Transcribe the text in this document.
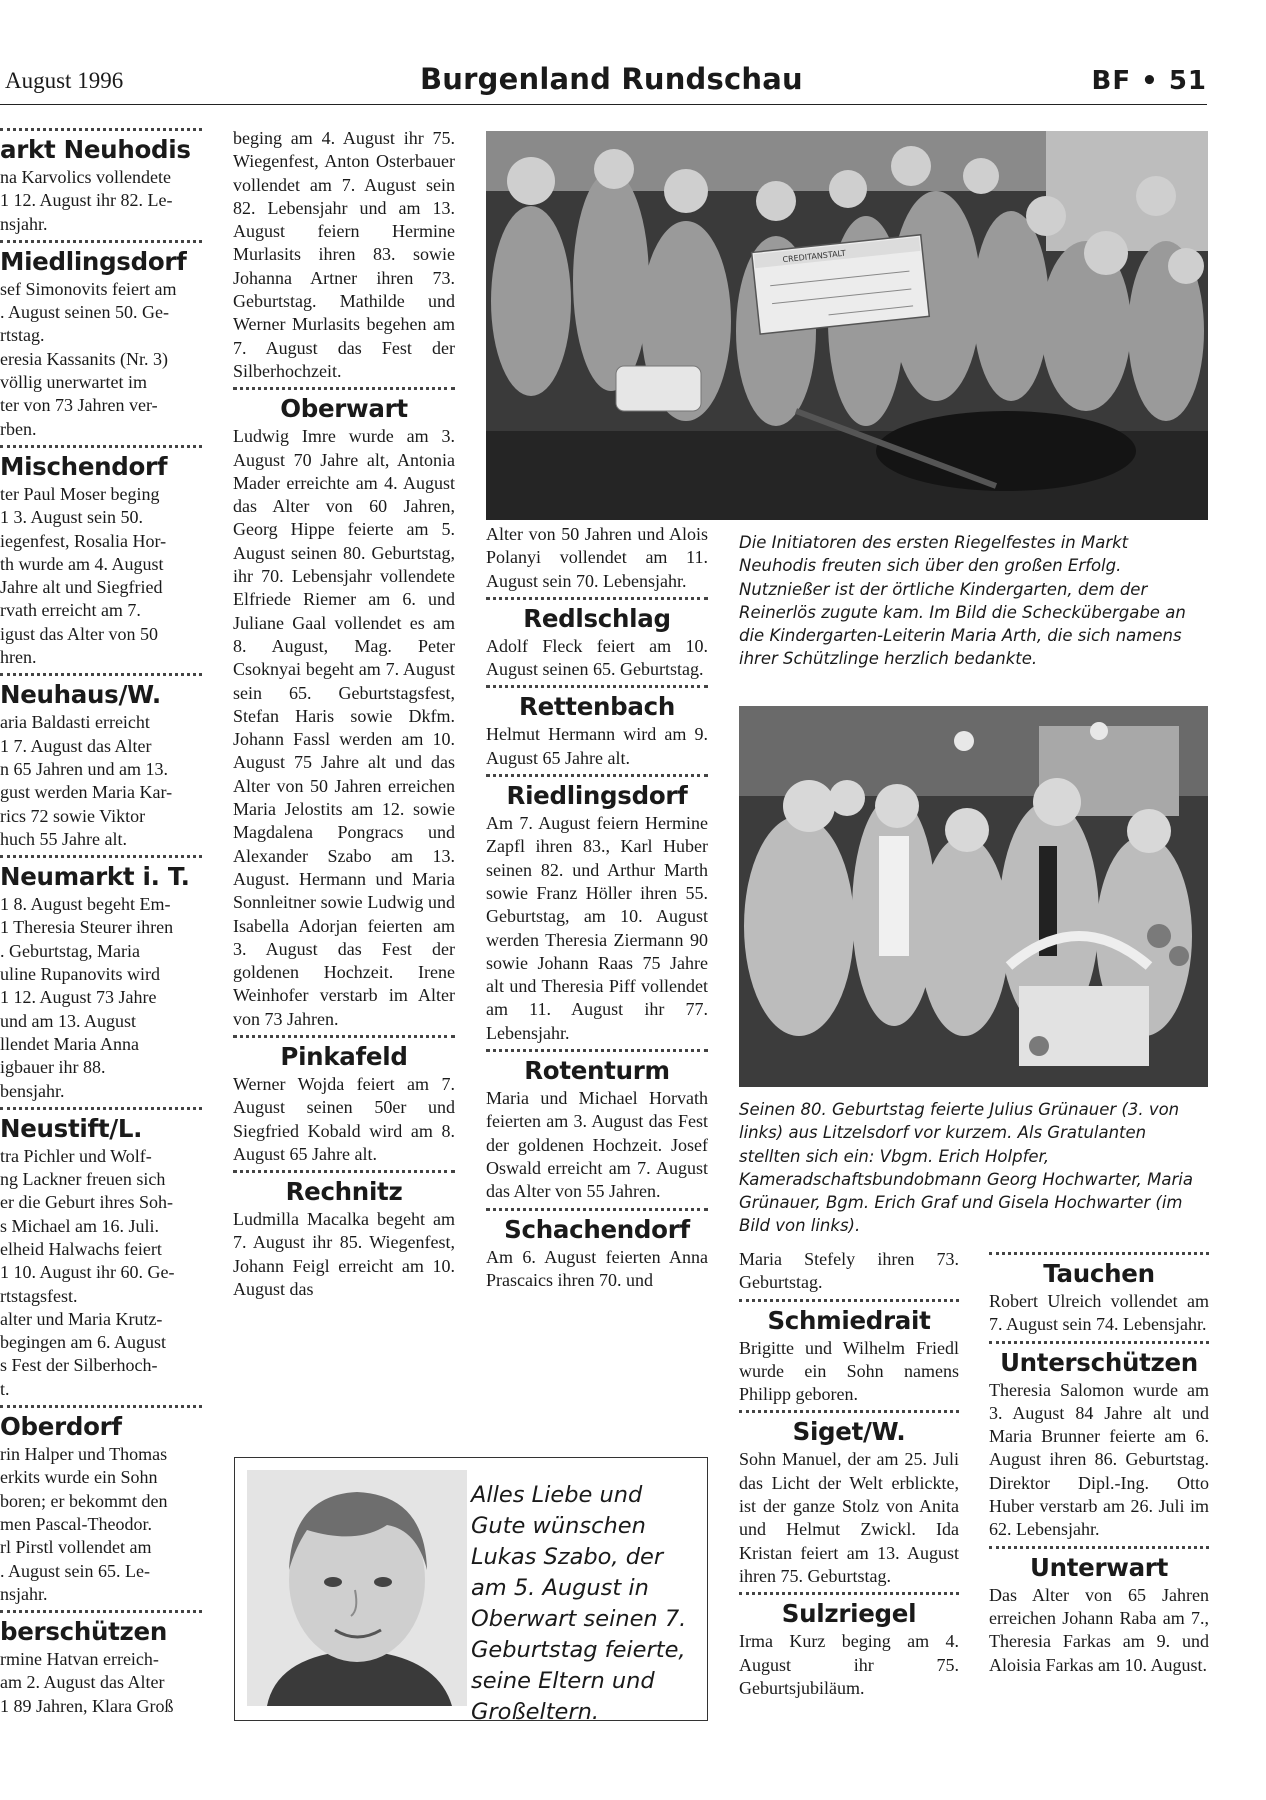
August 1996	Burgenland Rundschau	BF • 51
arkt Neuhodis

na Karvolics vollendete

1 12. August ihr 82. Le-

nsjahr.

Miedlingsdorf

sef Simonovits feiert am

. August seinen 50. Ge-

rtstag.

eresia Kassanits (Nr. 3)

völlig unerwartet im

ter von 73 Jahren ver-

rben.

Mischendorf

ter Paul Moser beging

1 3. August sein 50.

iegenfest, Rosalia Hor-

th wurde am 4. August

Jahre alt und Siegfried

rvath erreicht am 7.

igust das Alter von 50

hren.

Neuhaus/W.

aria Baldasti erreicht

1 7. August das Alter

n 65 Jahren und am 13.

gust werden Maria Kar-

rics 72 sowie Viktor

huch 55 Jahre alt.

Neumarkt i. T.

1 8. August begeht Em-

1 Theresia Steurer ihren

. Geburtstag, Maria

uline Rupanovits wird

1 12. August 73 Jahre

und am 13. August

llendet Maria Anna

igbauer ihr 88.

bensjahr.

Neustift/L.

tra Pichler und Wolf-

ng Lackner freuen sich

er die Geburt ihres Soh-

s Michael am 16. Juli.

elheid Halwachs feiert

1 10. August ihr 60. Ge-

rtstagsfest.

alter und Maria Krutz-

begingen am 6. August

s Fest der Silberhoch-

t.

Oberdorf

rin Halper und Thomas

erkits wurde ein Sohn

boren; er bekommt den

men Pascal-Theodor.

rl Pirstl vollendet am

. August sein 65. Le-

nsjahr.

berschützen

rmine Hatvan erreich-

am 2. August das Alter

1 89 Jahren, Klara Groß

beging am 4. August ihr 75. Wiegenfest, Anton Osterbauer vollendet am 7. August sein 82. Lebensjahr und am 13. August feiern Hermine Murlasits ihren 83. sowie Johanna Artner ihren 73. Geburtstag. Mathilde und Werner Murlasits begehen am 7. August das Fest der Silberhochzeit.

Oberwart

Ludwig Imre wurde am 3. August 70 Jahre alt, Antonia Mader erreichte am 4. August das Alter von 60 Jahren, Georg Hippe feierte am 5. August seinen 80. Geburtstag, ihr 70. Lebensjahr vollendete Elfriede Riemer am 6. und Juliane Gaal vollendet es am 8. August, Mag. Peter Csoknyai begeht am 7. August sein 65. Geburtstagsfest, Stefan Haris sowie Dkfm. Johann Fassl werden am 10. August 75 Jahre alt und das Alter von 50 Jahren erreichen Maria Jelostits am 12. sowie Magdalena Pongracs und Alexander Szabo am 13. August. Hermann und Maria Sonnleitner sowie Ludwig und Isabella Adorjan feierten am 3. August das Fest der goldenen Hochzeit. Irene Weinhofer verstarb im Alter von 73 Jahren.

Pinkafeld

Werner Wojda feiert am 7. August seinen 50er und Siegfried Kobald wird am 8. August 65 Jahre alt.

Rechnitz

Ludmilla Macalka begeht am 7. August ihr 85. Wiegenfest, Johann Feigl erreicht am 10. August das

CREDITANSTALT
Die Initiatoren des ersten Riegelfestes in Markt Neuhodis freuten sich über den großen Erfolg. Nutznießer ist der örtliche Kindergarten, dem der Reinerlös zugute kam. Im Bild die Scheckübergabe an die Kindergarten-Leiterin Maria Arth, die sich namens ihrer Schützlinge herzlich bedankte.

Alter von 50 Jahren und Alois Polanyi vollendet am 11. August sein 70. Lebensjahr.

Redlschlag

Adolf Fleck feiert am 10. August seinen 65. Geburtstag.

Rettenbach

Helmut Hermann wird am 9. August 65 Jahre alt.

Riedlingsdorf

Am 7. August feiern Hermine Zapfl ihren 83., Karl Huber seinen 82. und Arthur Marth sowie Franz Höller ihren 55. Geburtstag, am 10. August werden Theresia Ziermann 90 sowie Johann Raas 75 Jahre alt und Theresia Piff vollendet am 11. August ihr 77. Lebensjahr.

Rotenturm

Maria und Michael Horvath feierten am 3. August das Fest der goldenen Hochzeit. Josef Oswald erreicht am 7. August das Alter von 55 Jahren.

Schachendorf

Am 6. August feierten Anna Prascaics ihren 70. und

Seinen 80. Geburtstag feierte Julius Grünauer (3. von links) aus Litzelsdorf vor kurzem. Als Gratulanten stellten sich ein: Vbgm. Erich Holpfer, Kameradschaftsbundobmann Georg Hochwarter, Maria Grünauer, Bgm. Erich Graf und Gisela Hochwarter (im Bild von links).

Maria Stefely ihren 73. Geburtstag.

Schmiedrait

Brigitte und Wilhelm Friedl wurde ein Sohn namens Philipp geboren.

Siget/W.

Sohn Manuel, der am 25. Juli das Licht der Welt erblickte, ist der ganze Stolz von Anita und Helmut Zwickl. Ida Kristan feiert am 13. August ihren 75. Geburtstag.

Sulzriegel

Irma Kurz beging am 4. August ihr 75. Geburtsjubiläum.

Tauchen

Robert Ulreich vollendet am 7. August sein 74. Lebensjahr.

Unterschützen

Theresia Salomon wurde am 3. August 84 Jahre alt und Maria Brunner feierte am 6. August ihren 86. Geburtstag. Direktor Dipl.-Ing. Otto Huber verstarb am 26. Juli im 62. Lebensjahr.

Unterwart

Das Alter von 65 Jahren erreichen Johann Raba am 7., Theresia Farkas am 9. und Aloisia Farkas am 10. August.

Alles Liebe und Gute wünschen Lukas Szabo, der am 5. August in Oberwart seinen 7. Geburtstag feierte, seine Eltern und Großeltern.
